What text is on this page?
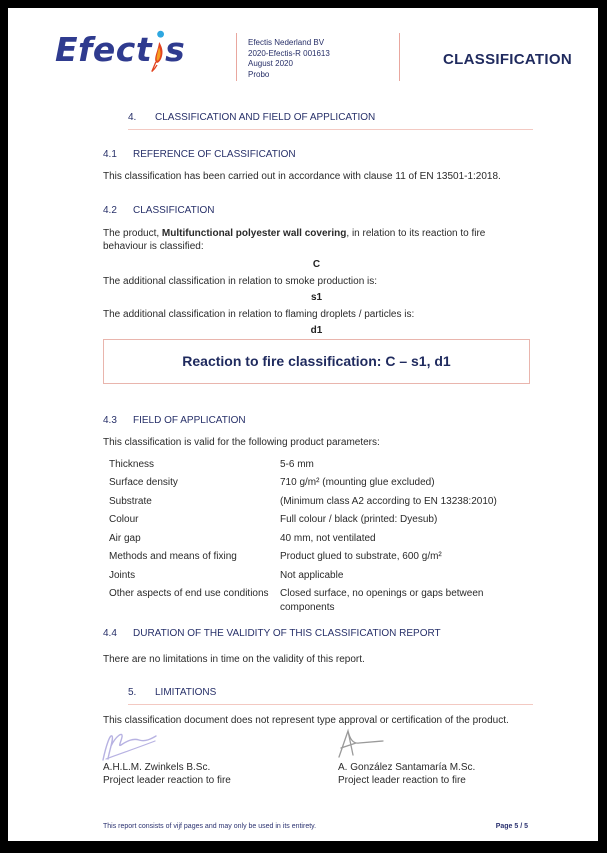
Efect s	Efectis Nederland BV
2020-Efectis-R 001613
August 2020
Probo
CLASSIFICATION
4.	CLASSIFICATION AND FIELD OF APPLICATION
4.1	REFERENCE OF CLASSIFICATION
This classification has been carried out in accordance with clause 11 of EN 13501-1:2018.
4.2	CLASSIFICATION
The product, Multifunctional polyester wall covering, in relation to its reaction to fire behaviour is classified:
C
The additional classification in relation to smoke production is:
s1
The additional classification in relation to flaming droplets / particles is:
d1
Reaction to fire classification: C – s1, d1
4.3	FIELD OF APPLICATION
This classification is valid for the following product parameters:
Thickness	5-6 mm
Surface density	710 g/m² (mounting glue excluded)
Substrate	(Minimum class A2 according to EN 13238:2010)
Colour	Full colour / black (printed: Dyesub)
Air gap	40 mm, not ventilated
Methods and means of fixing	Product glued to substrate, 600 g/m²
Joints	Not applicable
Other aspects of end use conditions	Closed surface, no openings or gaps between components
4.4	DURATION OF THE VALIDITY OF THIS CLASSIFICATION REPORT
There are no limitations in time on the validity of this report.
5.	LIMITATIONS
This classification document does not represent type approval or certification of the product.
A.H.L.M. Zwinkels B.Sc.
Project leader reaction to fire
A. González Santamaría M.Sc.
Project leader reaction to fire
This report consists of vijf pages and may only be used in its entirety.	Page 5 / 5
